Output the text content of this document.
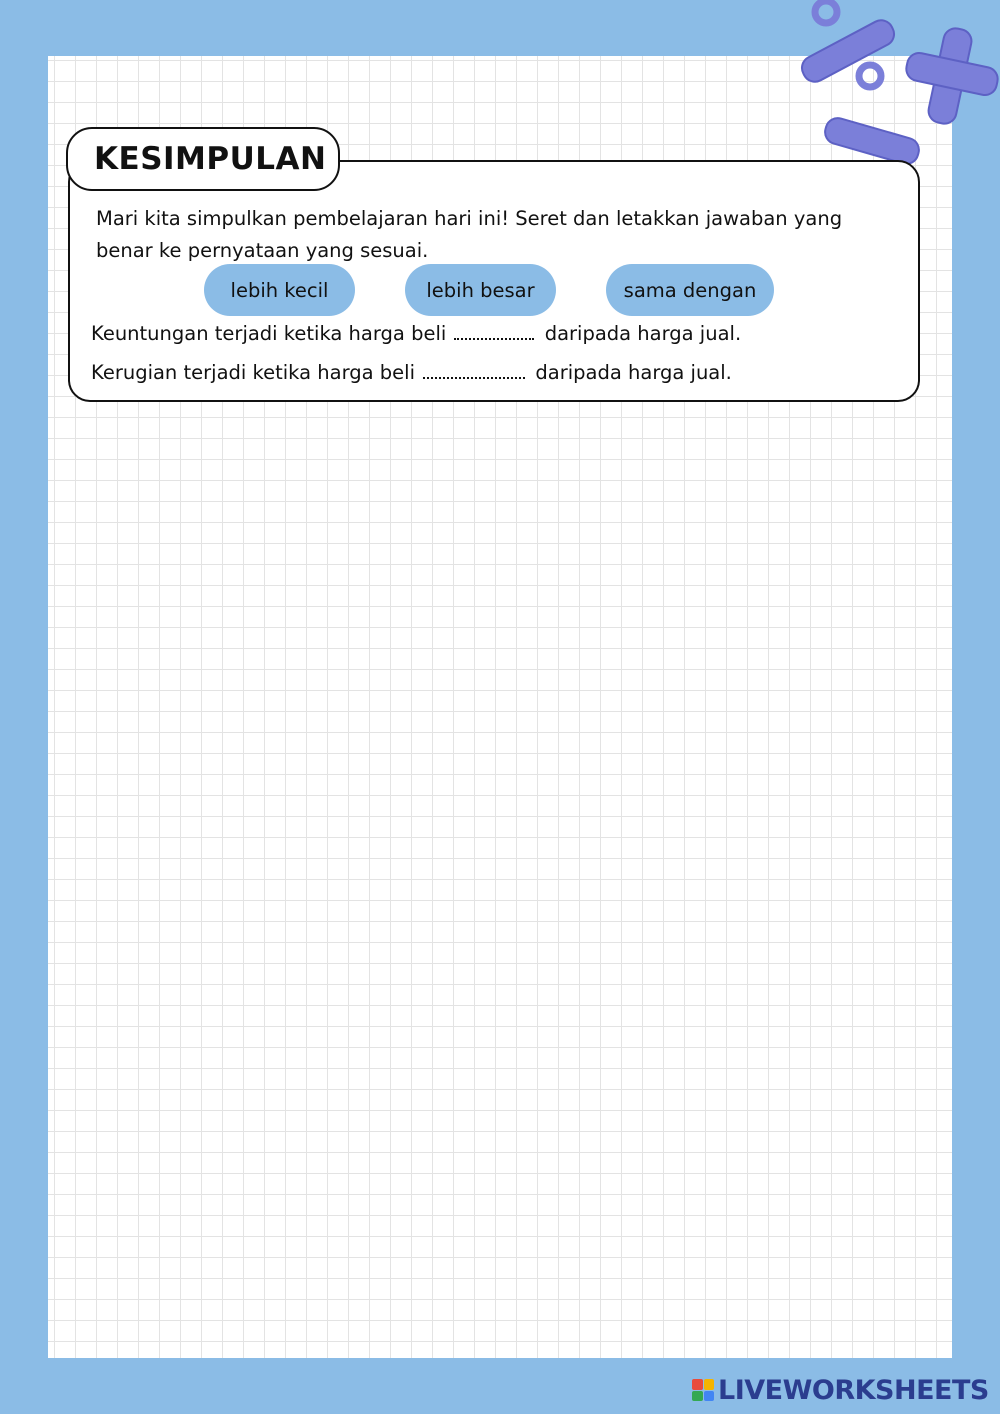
KESIMPULAN
Mari kita simpulkan pembelajaran hari ini! Seret dan letakkan jawaban yang benar ke pernyataan yang sesuai.
lebih kecil	lebih besar	sama dengan
Keuntungan terjadi ketika harga beli	daripada harga jual.
Kerugian terjadi ketika harga beli	daripada harga jual.
LIVEWORKSHEETS
